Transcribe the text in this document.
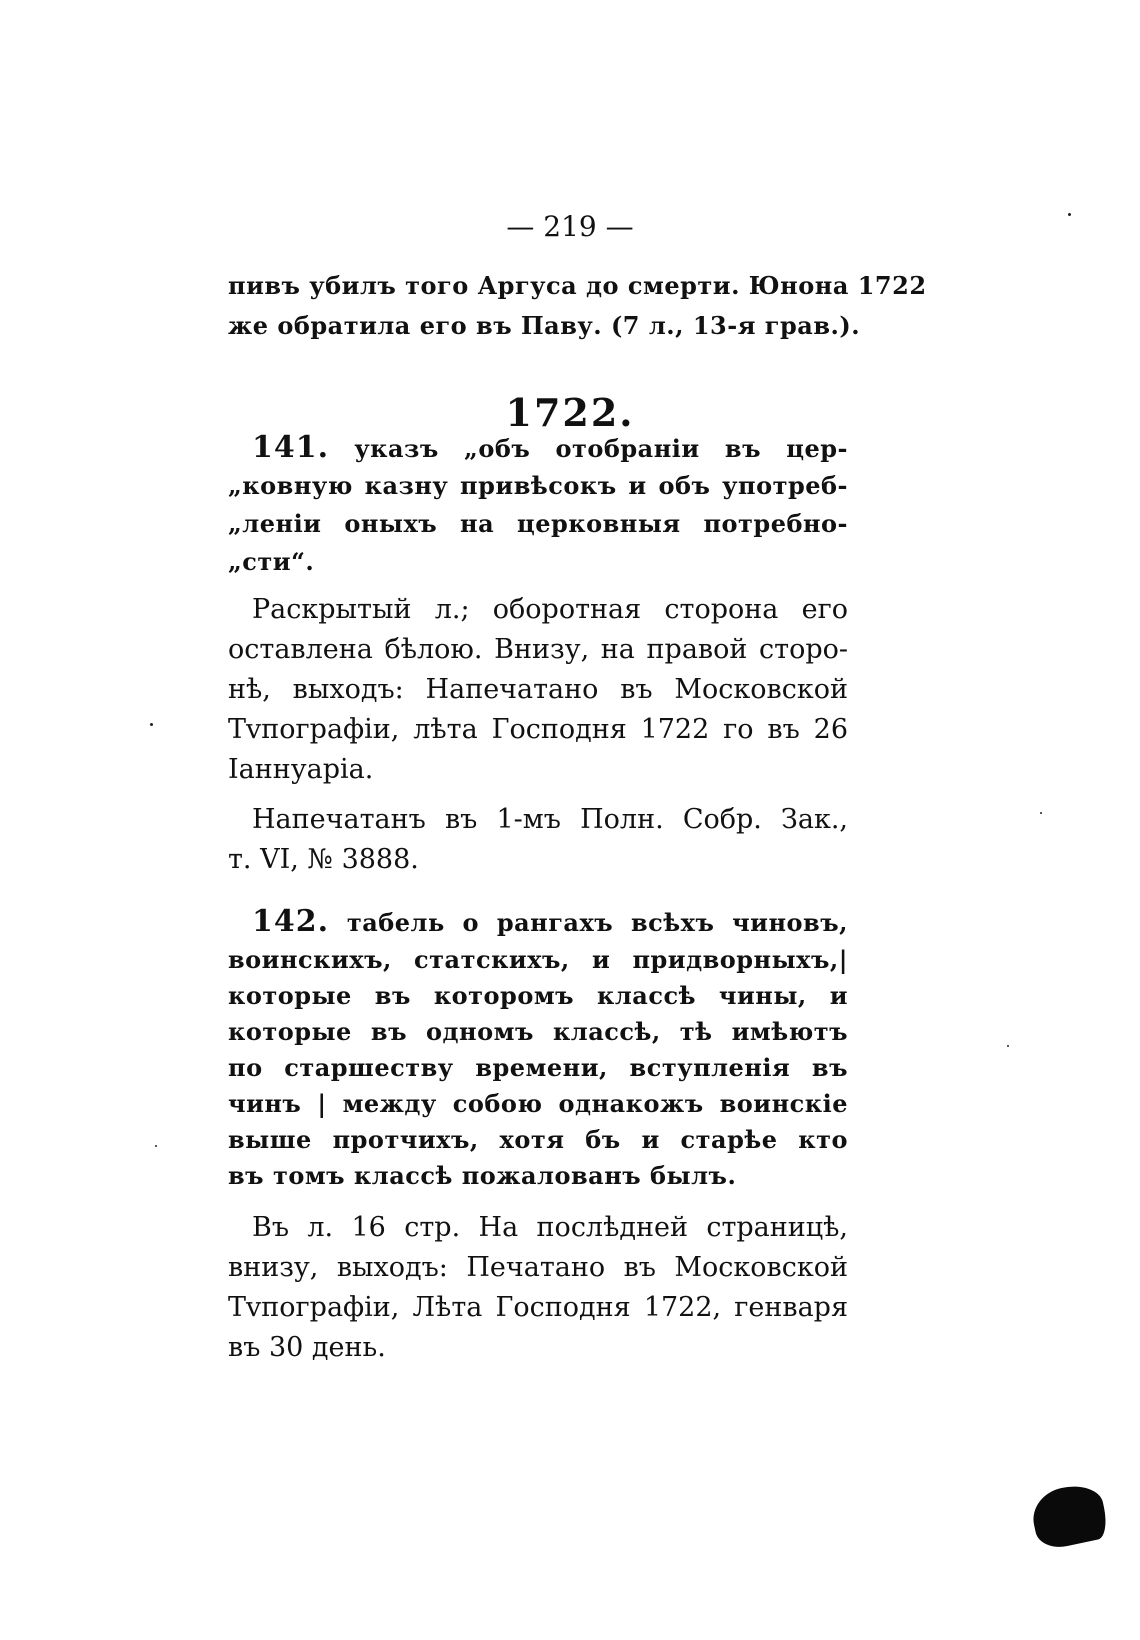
— 219 —
пивъ убилъ того Аргуса до смерти. Юнона 1722
же обратила его въ Паву. (7 л., 13-я грав.).
1722.
141. указъ „объ отобранiи въ цер-
„ковную казну привѣсокъ и объ употреб-
„ленiи оныхъ на церковныя потребно-
„сти“.
Раскрытый л.; оборотная сторона его
оставлена бѣлою. Внизу, на правой сторо-
нѣ, выходъ: Напечатано въ Московской
Тvпографiи, лѣта Господня 1722 го въ 26
Iаннуарiа.
Напечатанъ въ 1-мъ Полн. Собр. Зак.,
т. VI, № 3888.
142. табель о рангахъ всѣхъ чиновъ,
воинскихъ, статскихъ, и придворныхъ,|
которые въ которомъ классѣ чины, и
которые въ одномъ классѣ, тѣ имѣютъ
по старшеству времени, вступленiя въ
чинъ | между собою однакожъ воинскiе
выше протчихъ, хотя бъ и старѣе кто
въ томъ классѣ пожалованъ былъ.
Въ л. 16 стр. На послѣдней страницѣ,
внизу, выходъ: Печатано въ Московской
Тvпографiи, Лѣта Господня 1722, генваря
въ 30 день.
